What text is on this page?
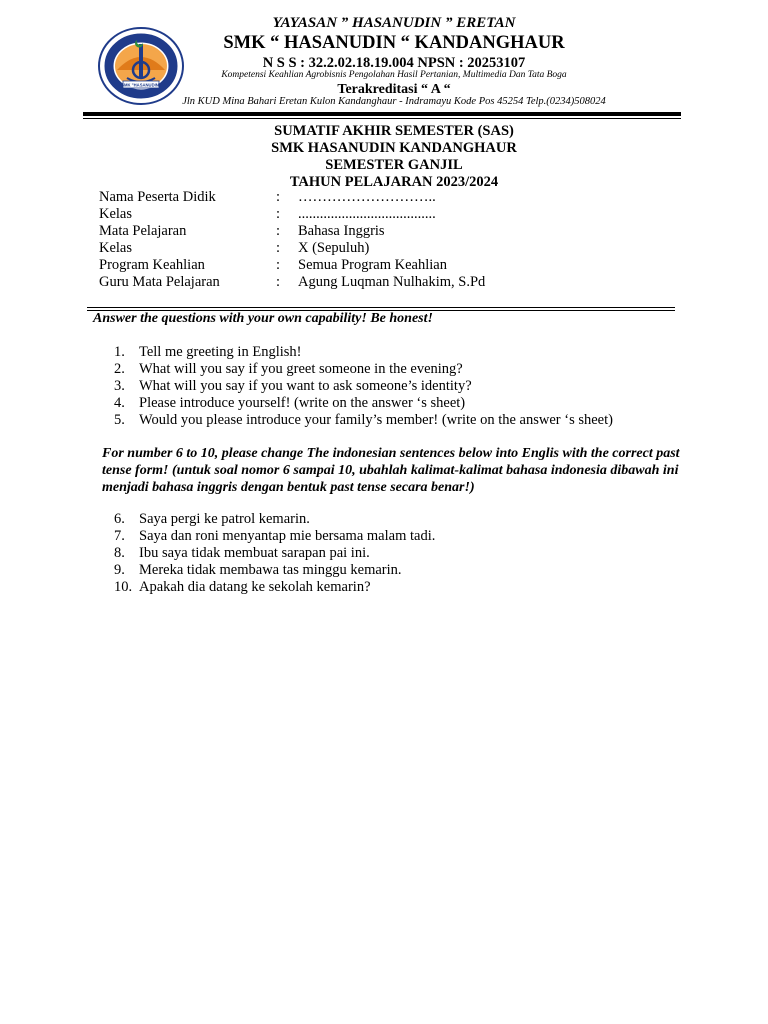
SMK "HASANUDIN"
YAYASAN ” HASANUDIN ” ERETAN
SMK “ HASANUDIN “ KANDANGHAUR
N S S : 32.2.02.18.19.004 NPSN : 20253107
Kompetensi Keahlian Agrobisnis Pengolahan Hasil Pertanian, Multimedia Dan Tata Boga
Terakreditasi “ A “
Jln KUD Mina Bahari Eretan Kulon Kandanghaur - Indramayu Kode Pos 45254 Telp.(0234)508024
SUMATIF AKHIR SEMESTER (SAS)
SMK HASANUDIN KANDANGHAUR
SEMESTER GANJIL
TAHUN PELAJARAN 2023/2024
Nama Peserta Didik	: ………………………..
Kelas	: ......................................
Mata Pelajaran	: Bahasa Inggris
Kelas	: X (Sepuluh)
Program Keahlian	: Semua Program Keahlian
Guru Mata Pelajaran	: Agung Luqman Nulhakim, S.Pd
Answer the questions with your own capability! Be honest!
1. Tell me greeting in English!
2. What will you say if you greet someone in the evening?
3. What will you say if you want to ask someone’s identity?
4. Please introduce yourself! (write on the answer ‘s sheet)
5. Would you please introduce your family’s member! (write on the answer ‘s sheet)
For number 6 to 10, please change The indonesian sentences below into Englis with the correct past tense form! (untuk soal nomor 6 sampai 10, ubahlah kalimat-kalimat bahasa indonesia dibawah ini menjadi bahasa inggris dengan bentuk past tense secara benar!)
6. Saya pergi ke patrol kemarin.
7. Saya dan roni menyantap mie bersama malam tadi.
8. Ibu saya tidak membuat sarapan pai ini.
9. Mereka tidak membawa tas minggu kemarin.
10. Apakah dia datang ke sekolah kemarin?
